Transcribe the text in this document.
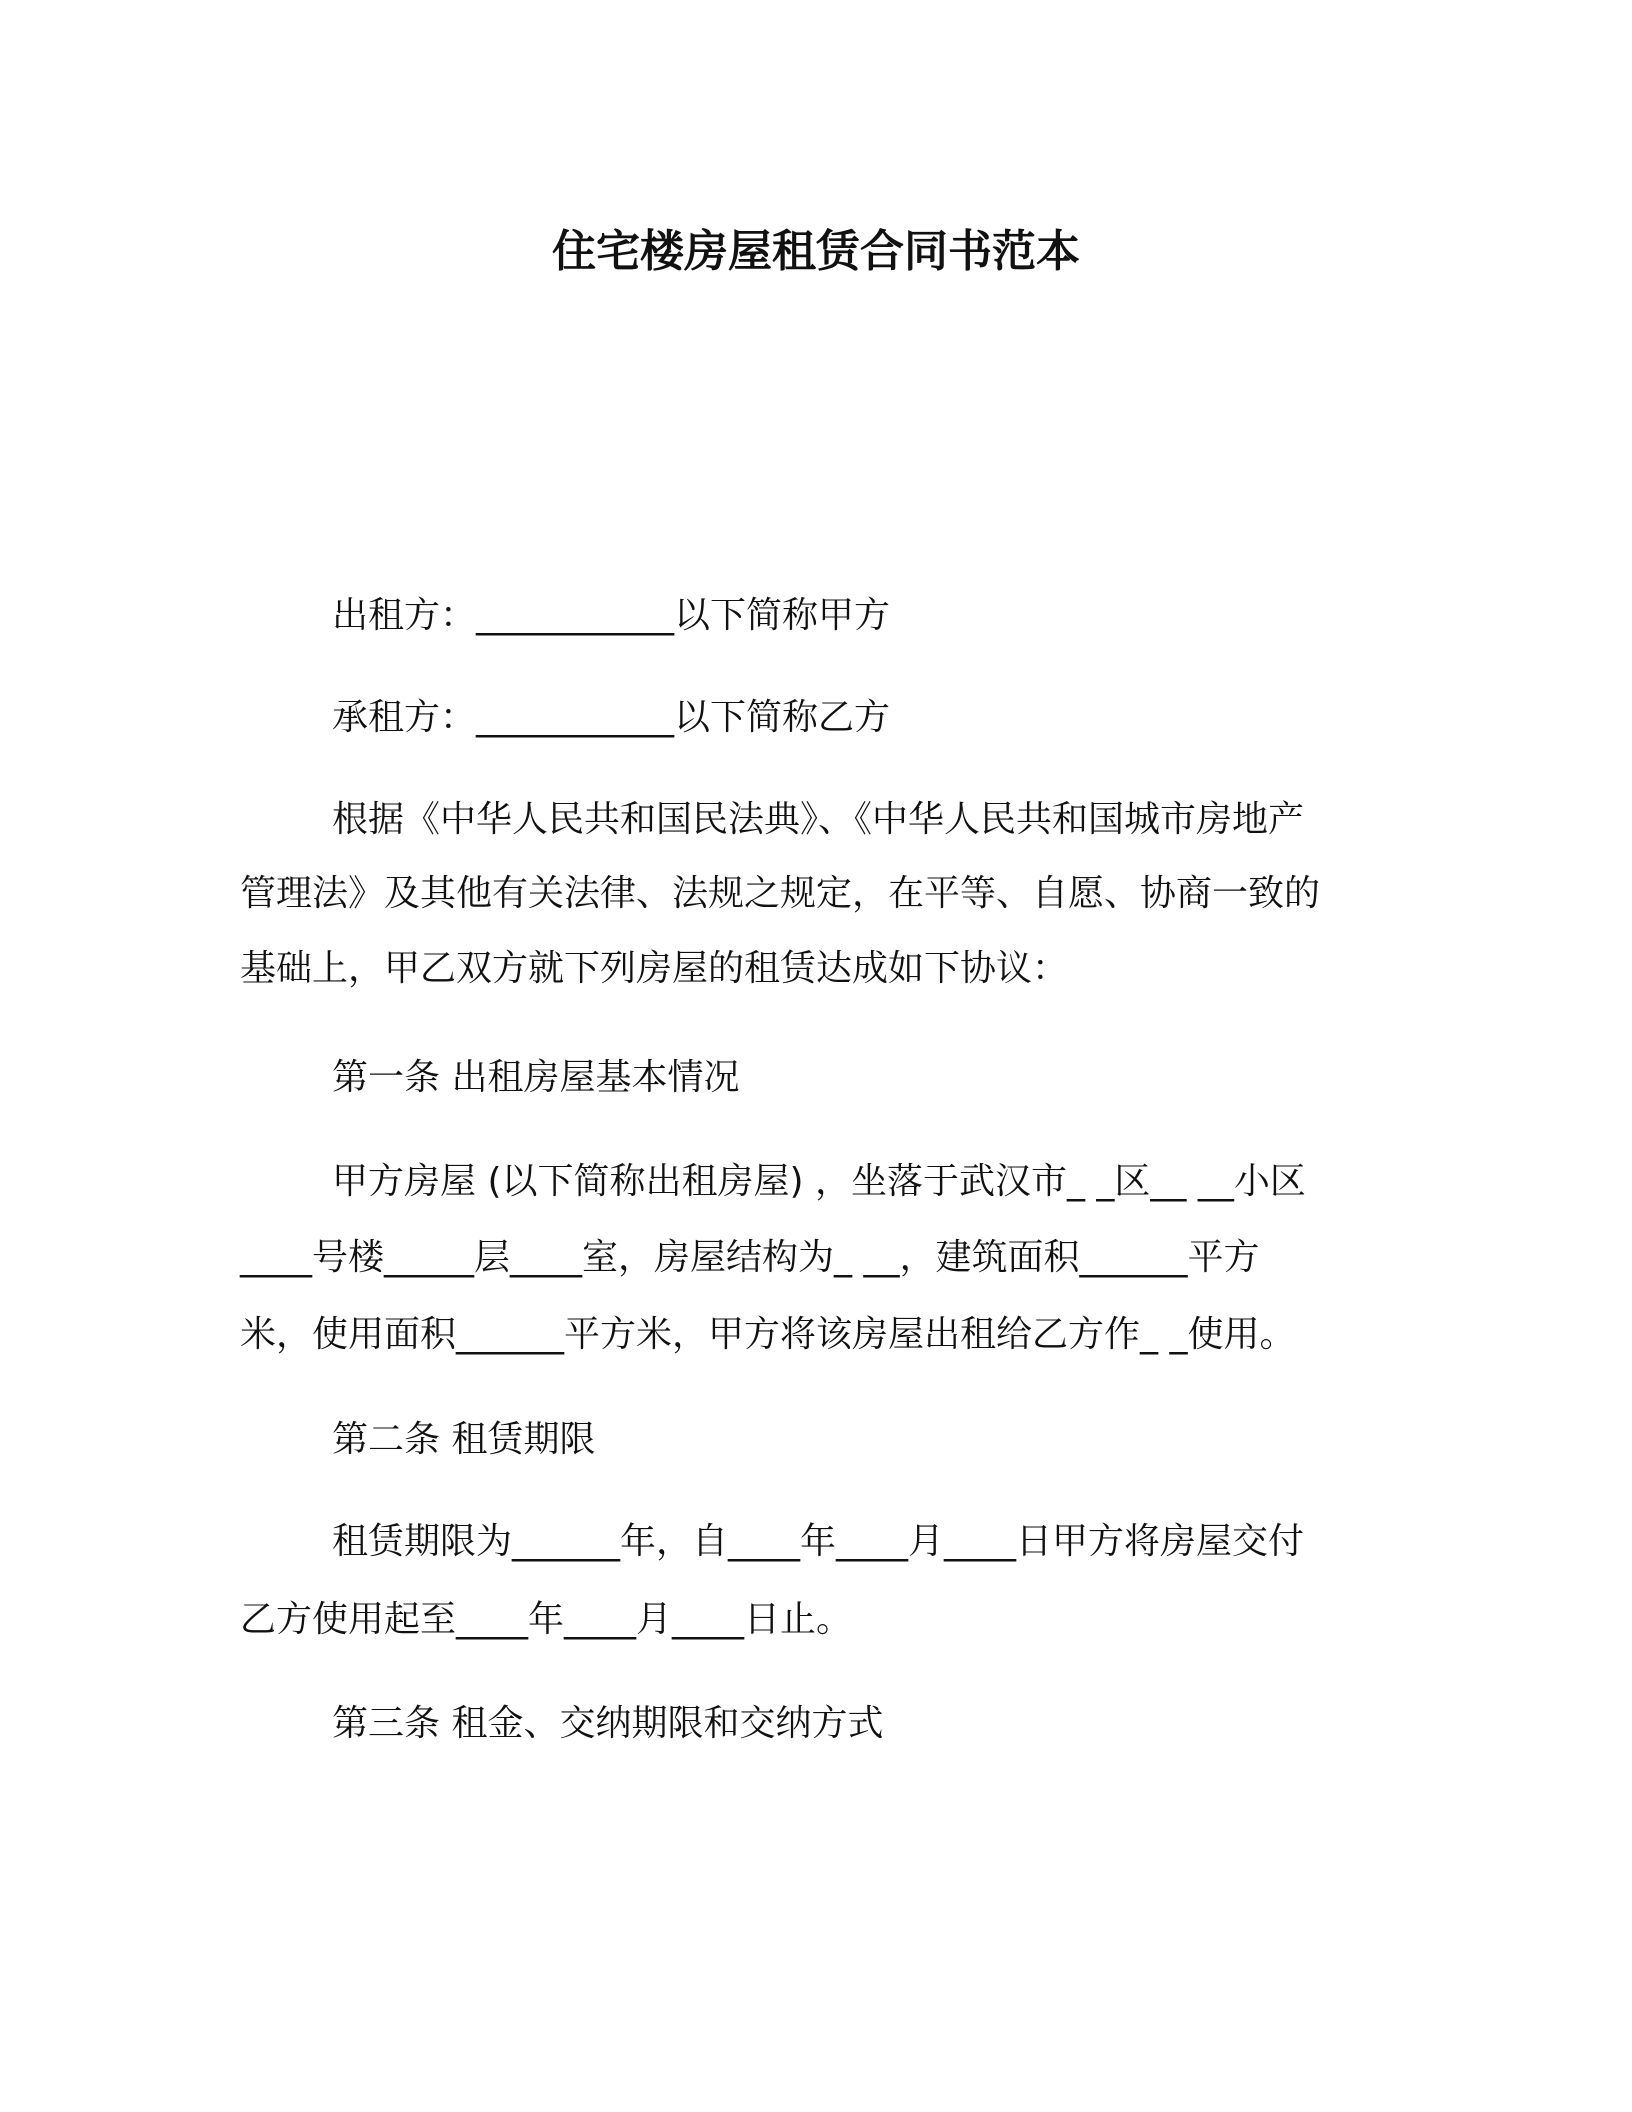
住宅楼房屋租赁合同书范本
出租方：___________以下简称甲方
承租方：___________以下简称乙方
根据《中华人民共和国民法典》、《中华人民共和国城市房地产
管理法》及其他有关法律、法规之规定，在平等、自愿、协商一致的
基础上，甲乙双方就下列房屋的租赁达成如下协议：
第一条 出租房屋基本情况
甲方房屋 (以下简称出租房屋) ，坐落于武汉市_ _区__ __小区
____号楼_____层____室，房屋结构为_ __，建筑面积______平方
米，使用面积______平方米，甲方将该房屋出租给乙方作_ _使用。
第二条 租赁期限
租赁期限为______年，自____年____月____日甲方将房屋交付
乙方使用起至____年____月____日止。
第三条 租金、交纳期限和交纳方式
